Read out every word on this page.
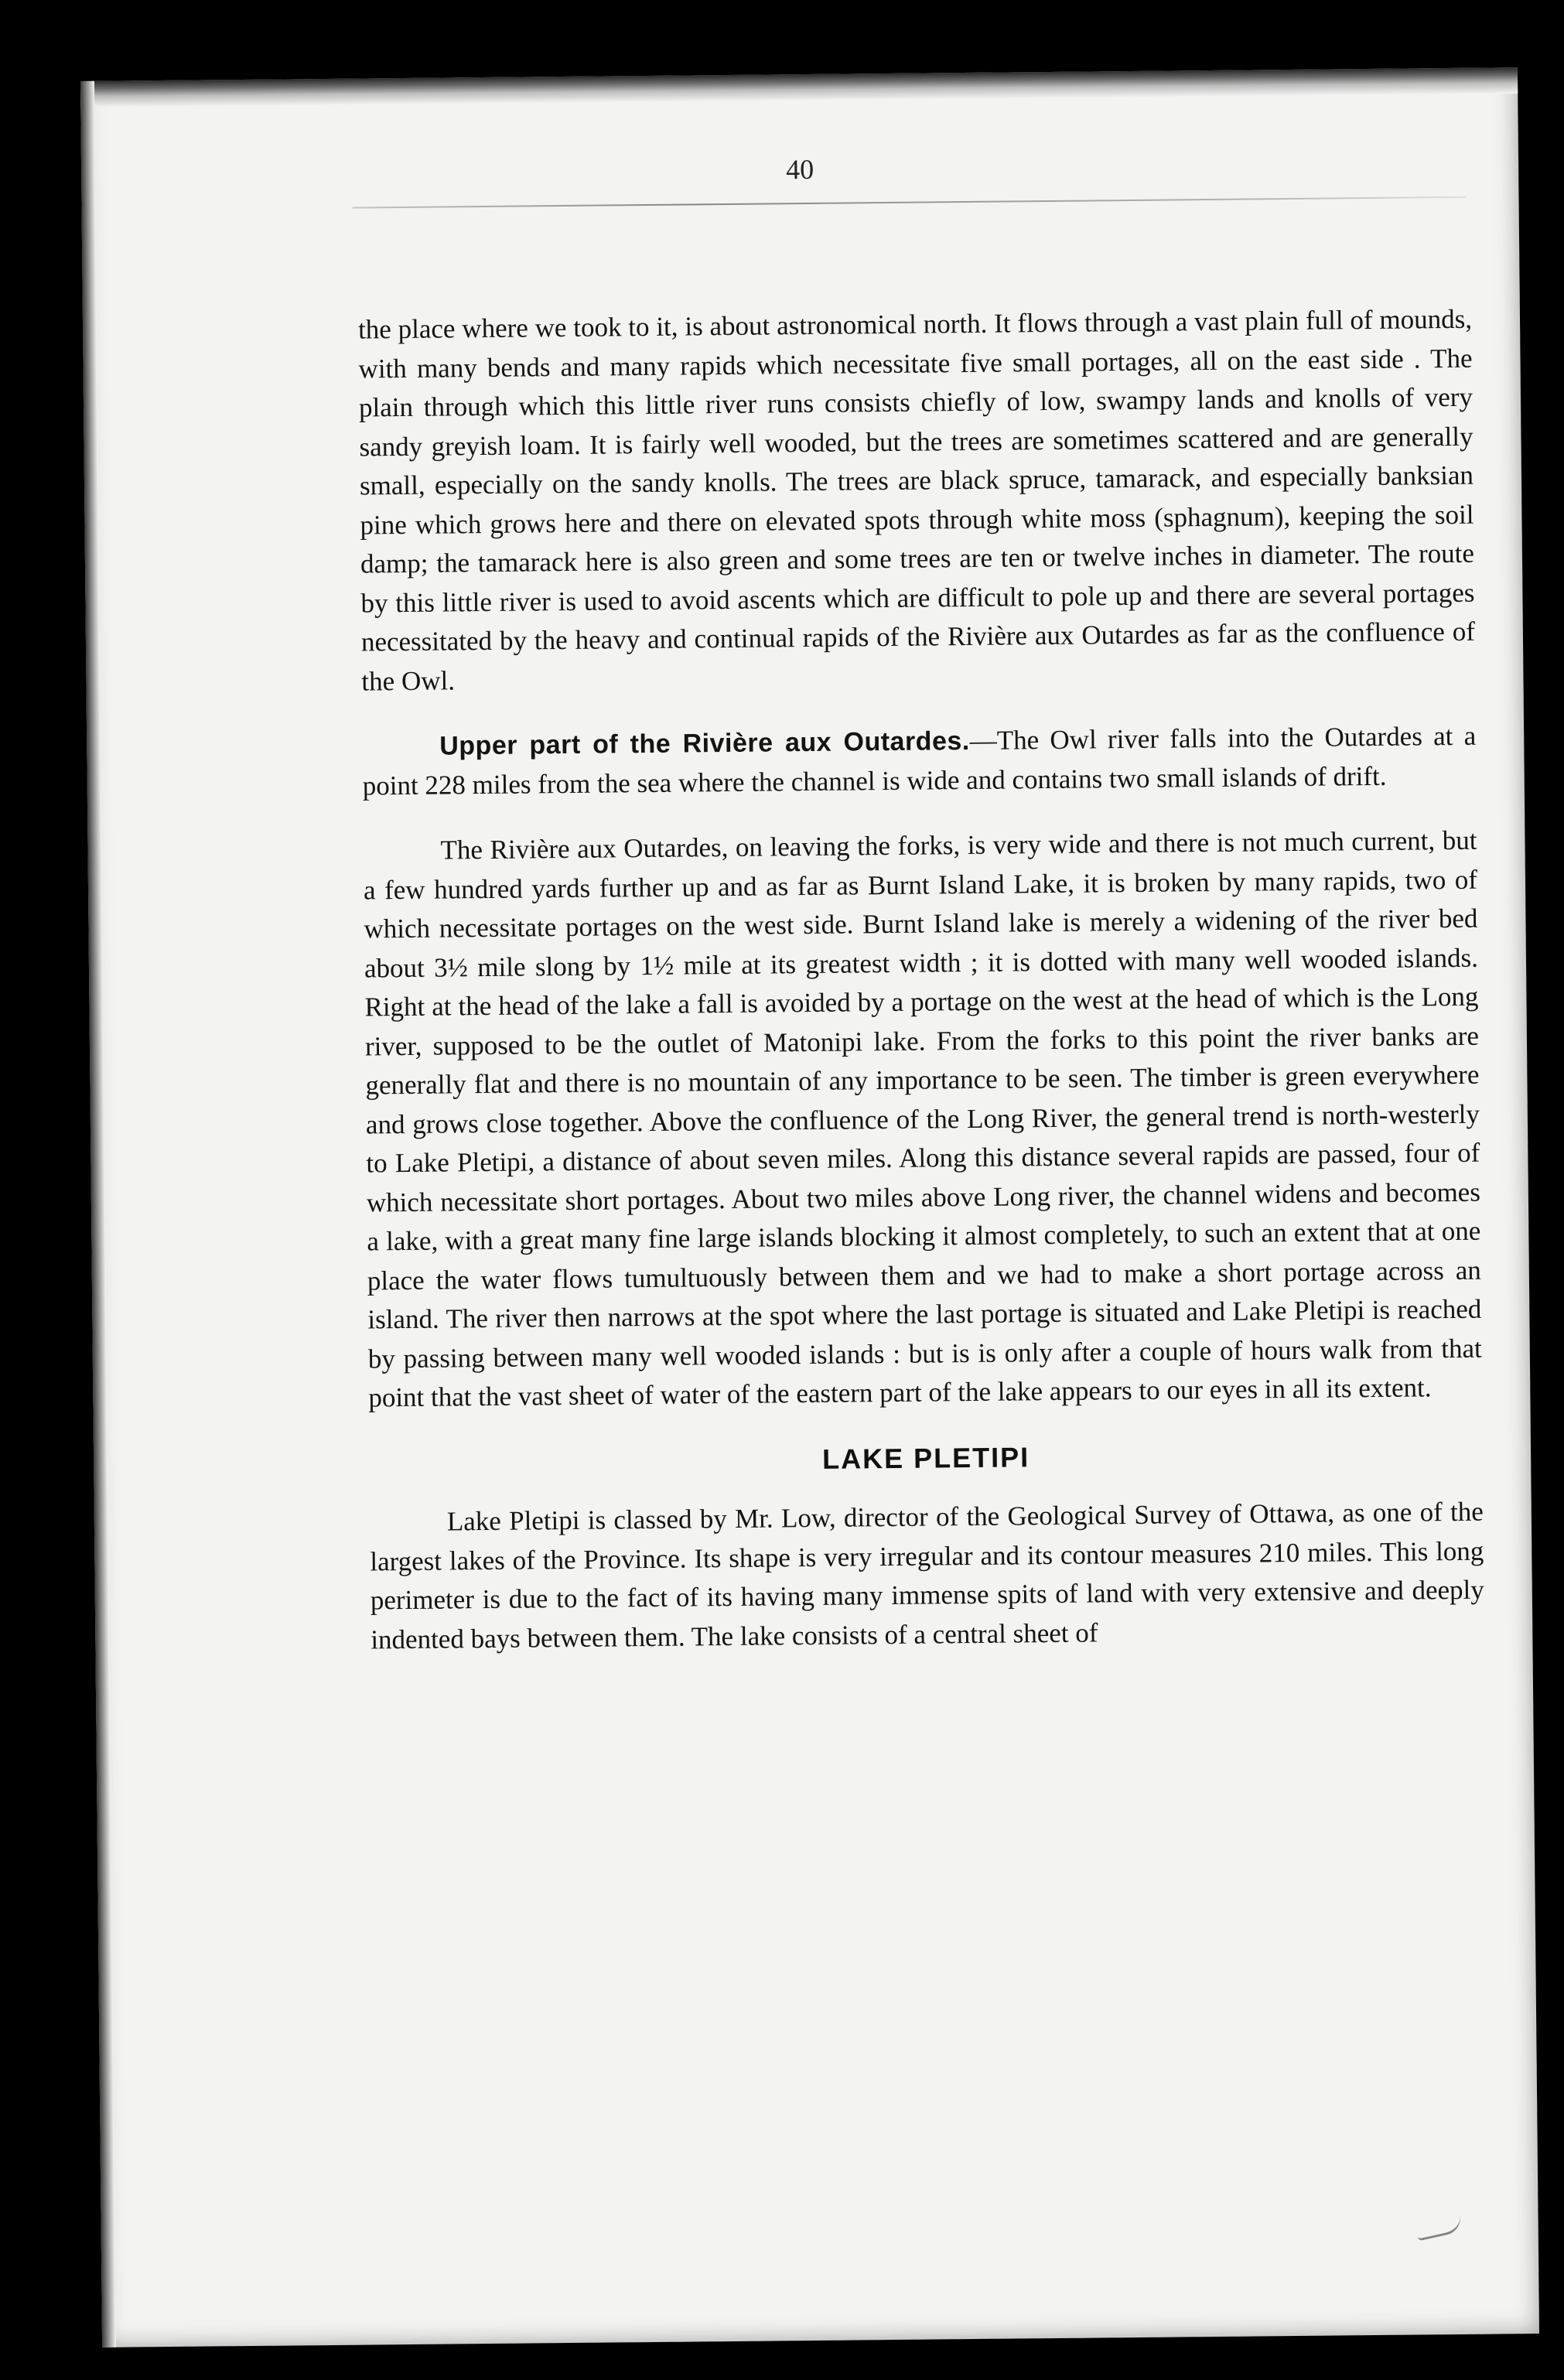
40

the place where we took to it, is about astronomical north. It flows through a vast plain full of mounds, with many bends and many rapids which necessitate five small portages, all on the east side . The plain through which this little river runs consists chiefly of low, swampy lands and knolls of very sandy greyish loam. It is fairly well wooded, but the trees are sometimes scattered and are generally small, especially on the sandy knolls. The trees are black spruce, tamarack, and especially banksian pine which grows here and there on elevated spots through white moss (sphagnum), keeping the soil damp; the tamarack here is also green and some trees are ten or twelve inches in diameter. The route by this little river is used to avoid ascents which are difficult to pole up and there are several portages necessitated by the heavy and continual rapids of the Rivière aux Outardes as far as the confluence of the Owl.

Upper part of the Rivière aux Outardes.—The Owl river falls into the Outardes at a point 228 miles from the sea where the channel is wide and contains two small islands of drift.

The Rivière aux Outardes, on leaving the forks, is very wide and there is not much current, but a few hundred yards further up and as far as Burnt Island Lake, it is broken by many rapids, two of which necessitate portages on the west side. Burnt Island lake is merely a widening of the river bed about 3½ mile slong by 1½ mile at its greatest width ; it is dotted with many well wooded islands. Right at the head of the lake a fall is avoided by a portage on the west at the head of which is the Long river, supposed to be the outlet of Matonipi lake. From the forks to this point the river banks are generally flat and there is no mountain of any importance to be seen. The timber is green everywhere and grows close together. Above the confluence of the Long River, the general trend is north-westerly to Lake Pletipi, a distance of about seven miles. Along this distance several rapids are passed, four of which necessitate short portages. About two miles above Long river, the channel widens and becomes a lake, with a great many fine large islands blocking it almost completely, to such an extent that at one place the water flows tumultuously between them and we had to make a short portage across an island. The river then narrows at the spot where the last portage is situated and Lake Pletipi is reached by passing between many well wooded islands : but is is only after a couple of hours walk from that point that the vast sheet of water of the eastern part of the lake appears to our eyes in all its extent.

LAKE PLETIPI

Lake Pletipi is classed by Mr. Low, director of the Geological Survey of Ottawa, as one of the largest lakes of the Province. Its shape is very irregular and its contour measures 210 miles. This long perimeter is due to the fact of its having many immense spits of land with very extensive and deeply indented bays between them. The lake consists of a central sheet of
